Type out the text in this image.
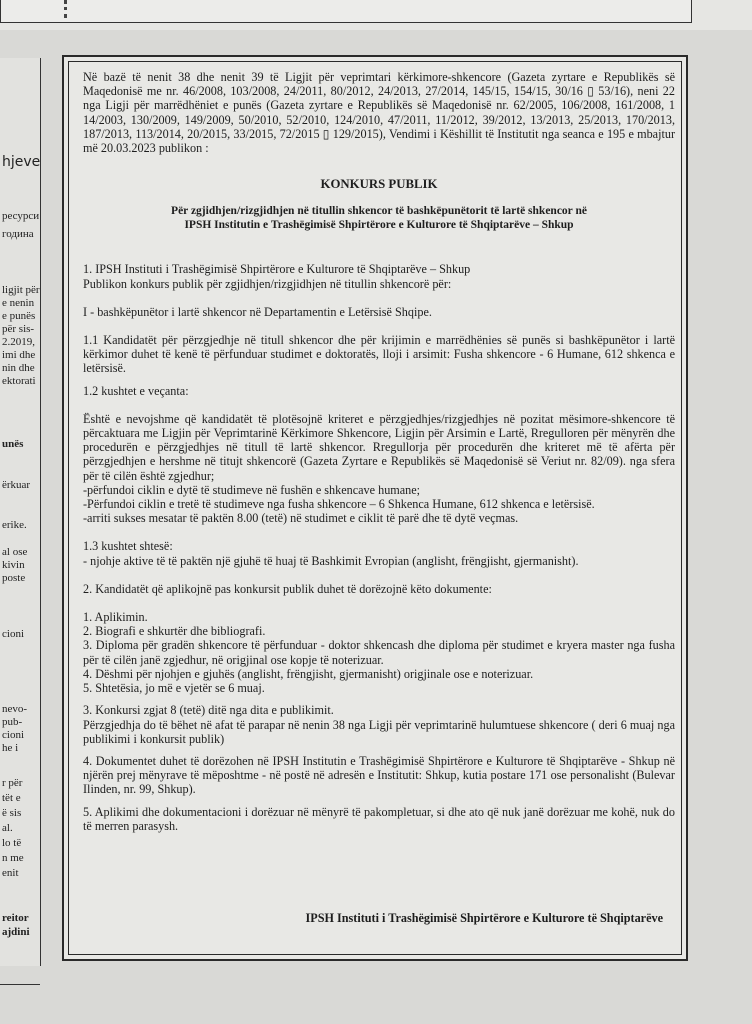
hjeve
ресурси
година
ligjit për
e nenin
e punës
për sis-
2.2019,
imi dhe
nin dhe
ektorati
unës
ërkuar
erike.
al ose
kivin
poste
cioni
nevo-
pub-
cioni
he i
r për
tët e
ë sis
al.
lo të
n me
enit
reitor
ajdini

Në bazë të nenit 38 dhe nenit 39 të Ligjit për veprimtari kërkimore-shkencore (Gazeta zyrtare e Republikës së Maqedonisë me nr. 46/2008, 103/2008, 24/2011, 80/2012, 24/2013, 27/2014, 145/15, 154/15, 30/16 ▯ 53/16), neni 22 nga Ligji për marrëdhëniet e punës (Gazeta zyrtare e Republikës së Maqedonisë nr. 62/2005, 106/2008, 161/2008, 1 14/2003, 130/2009, 149/2009, 50/2010, 52/2010, 124/2010, 47/2011, 11/2012, 39/2012, 13/2013, 25/2013, 170/2013, 187/2013, 113/2014, 20/2015, 33/2015, 72/2015 ▯ 129/2015), Vendimi i Këshillit të Institutit nga seanca e 195 e mbajtur më 20.03.2023 publikon :

KONKURS PUBLIK

Për zgjidhjen/rizgjidhjen në titullin shkencor të bashkëpunëtorit të lartë shkencor në

IPSH Institutin e Trashëgimisë Shpirtërore e Kulturore të Shqiptarëve – Shkup

1. IPSH Instituti i Trashëgimisë Shpirtërore e Kulturore të Shqiptarëve – Shkup

Publikon konkurs publik për zgjidhjen/rizgjidhjen në titullin shkencorë për:

I - bashkëpunëtor i lartë shkencor në Departamentin e Letërsisë Shqipe.

1.1 Kandidatët për përzgjedhje në titull shkencor dhe për krijimin e marrëdhënies së punës si bashkëpunëtor i lartë kërkimor duhet të kenë të përfunduar studimet e doktoratës, lloji i arsimit: Fusha shkencore - 6 Humane, 612 shkenca e letërsisë.

1.2 kushtet e veçanta:

Është e nevojshme që kandidatët të plotësojnë kriteret e përzgjedhjes/rizgjedhjes në pozitat mësimore-shkencore të përcaktuara me Ligjin për Veprimtarinë Kërkimore Shkencore, Ligjin për Arsimin e Lartë, Rregulloren për mënyrën dhe procedurën e përzgjedhjes në titull të lartë shkencor. Rregullorja për procedurën dhe kriteret më të afërta për përzgjedhjen e hershme në titujt shkencorë (Gazeta Zyrtare e Republikës së Maqedonisë së Veriut nr. 82/09). nga sfera për të cilën është zgjedhur;

-përfundoi ciklin e dytë të studimeve në fushën e shkencave humane;

-Përfundoi ciklin e tretë të studimeve nga fusha shkencore – 6 Shkenca Humane, 612 shkenca e letërsisë.

-arriti sukses mesatar të paktën 8.00 (tetë) në studimet e ciklit të parë dhe të dytë veçmas.

1.3 kushtet shtesë:

- njohje aktive të të paktën një gjuhë të huaj të Bashkimit Evropian (anglisht, frëngjisht, gjermanisht).

2. Kandidatët që aplikojnë pas konkursit publik duhet të dorëzojnë këto dokumente:

1. Aplikimin.

2. Biografi e shkurtër dhe bibliografi.

3. Diploma për gradën shkencore të përfunduar - doktor shkencash dhe diploma për studimet e kryera master nga fusha për të cilën janë zgjedhur, në origjinal ose kopje të noterizuar.

4. Dëshmi për njohjen e gjuhës (anglisht, frëngjisht, gjermanisht) origjinale ose e noterizuar.

5. Shtetësia, jo më e vjetër se 6 muaj.

3. Konkursi zgjat 8 (tetë) ditë nga dita e publikimit.

Përzgjedhja do të bëhet në afat të parapar në nenin 38 nga Ligji për veprimtarinë hulumtuese shkencore ( deri 6 muaj nga publikimi i konkursit publik)

4. Dokumentet duhet të dorëzohen në IPSH Institutin e Trashëgimisë Shpirtërore e Kulturore të Shqiptarëve - Shkup në njërën prej mënyrave të mëposhtme - në postë në adresën e Institutit: Shkup, kutia postare 171 ose personalisht (Bulevar Ilinden, nr. 99, Shkup).

5. Aplikimi dhe dokumentacioni i dorëzuar në mënyrë të pakompletuar, si dhe ato që nuk janë dorëzuar me kohë, nuk do të merren parasysh.

IPSH Instituti i Trashëgimisë Shpirtërore e Kulturore të Shqiptarëve
